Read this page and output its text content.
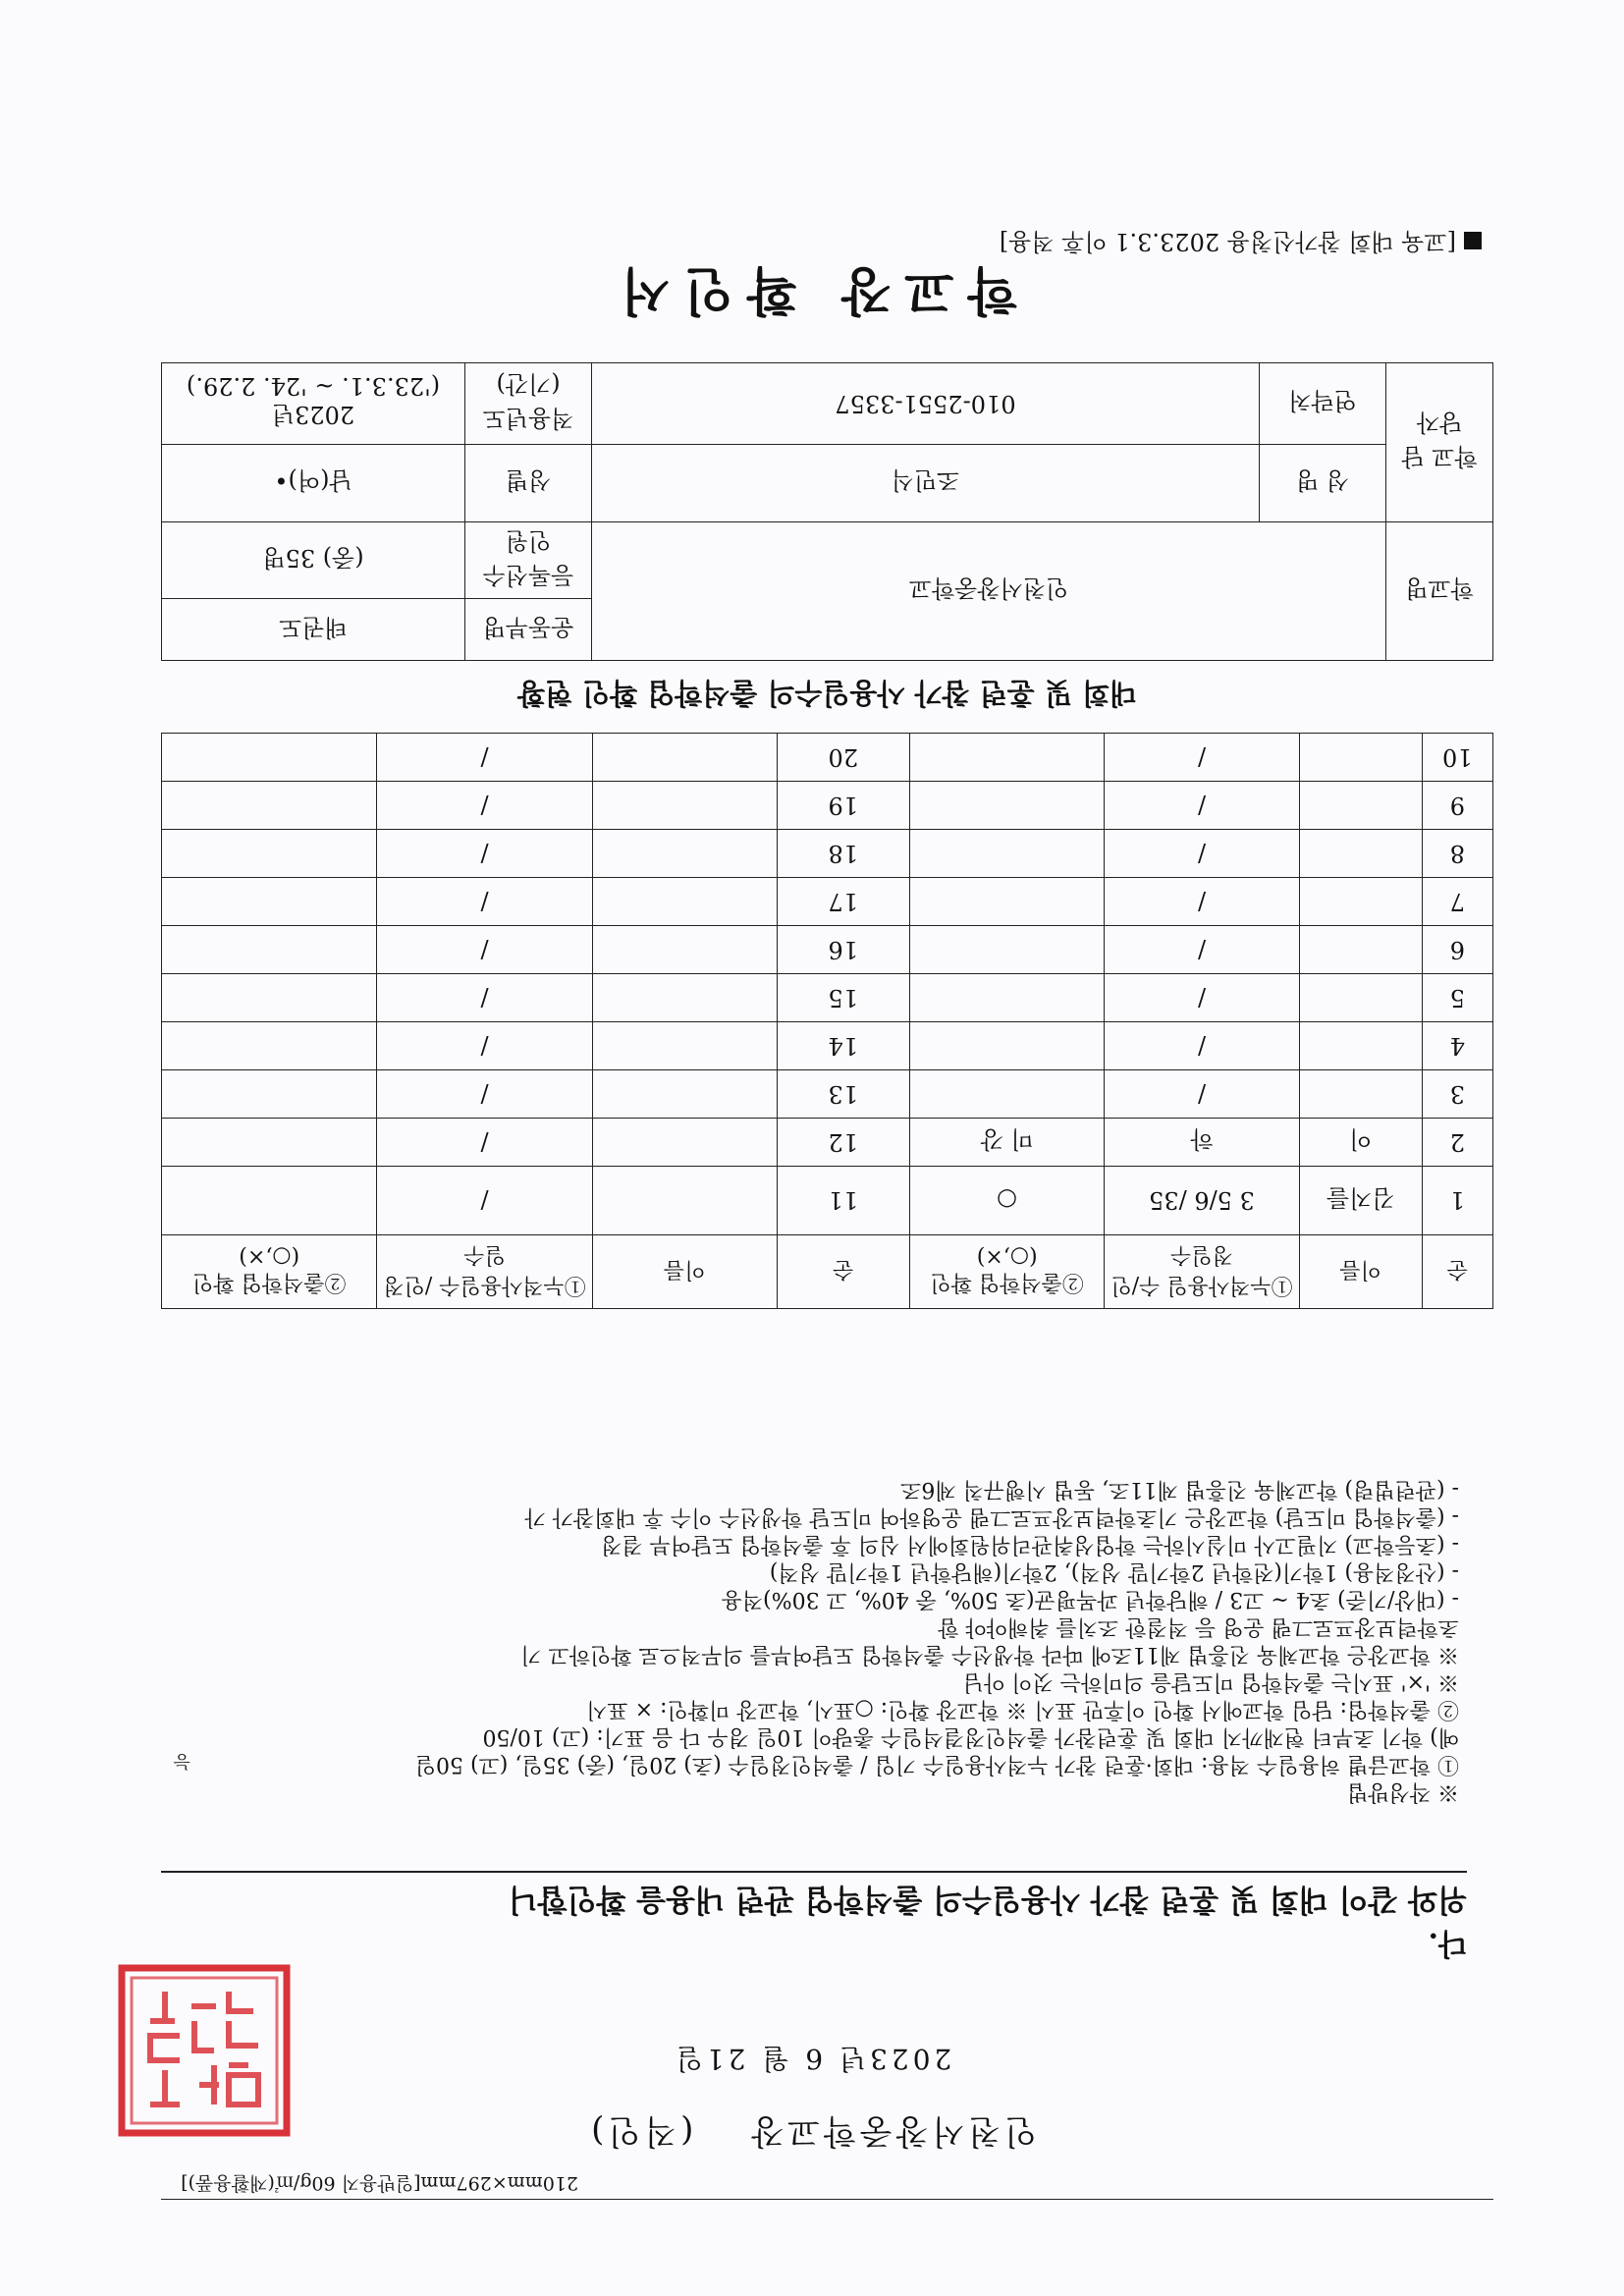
[교육 대회 참가신청용 2023.3.1 이후 적용]
학교장 확인서
학교명	인천서창중학교		운동부명	태권도
			등록선수 인원	(중) 35명
학교 담당자	성 명	조민식	성별	남(여)•
	연락처	010-2551-3357	적용년도 (기간)	2023년
('23.3.1. ~ '24. 2.29.)
대회 및 훈련 참가 사용일수의 출석학업 확인 현황
순	이름	①누적사용일 수/인정일수	②출석학업 확인(○,×)	순	이름	①누적사용일수 /인정일수	②출석학업 확인(○,×)
1	김지를	3 5/6 /35	○	11		/	
2	이	하	미 강	12		/	
3		/		13		/	
4		/		14		/	
5		/		15		/	
6		/		16		/	
7		/		17		/	
8		/		18		/	
9		/		19		/	
10		/		20		/	
※ 작성방법
① 학교급별 허용일수 적용: 대회·훈련 참가 누적사용일수 기입 / 출석인정일수 (초) 20일, (중) 35일, (고) 50일
예) 학기 초부터 현재까지 대회 및 훈련참가 출석인정결석일수 총량이 10일 경우 다 음 표기: (고) 10/50
② 출석학업: 담임 학교에서 확인 이후만 표시 ※ 학교장 확인: ○표시, 학교장 미확인: × 표시
※ '×' 표시는 출석학업 미도달을 의미하는 것이 아님
※ 학교장은 학교체육 진흥법 제11조에 따라 학생선수 출석학업 도달여부를 의무적으로 확인하고 기
초학력보장프로그램 운영 등 적절한 조치를 취해야야 함
- (대상/기준) 초4 ~ 고3 / 해당학년 과목평균(초 50%, 중 40%, 고 30%)적용
- (산정적용) 1학기(전학년 2학기말 성적), 2학기(해당학년 1학기말 성적)
- (초등학교) 지필고사 미실시하는 학업성취관리위원회에서 심의 후 출석학업 도달여부 결정
- (출석학업 미도달) 학교장은 기초학력보장프로그램 운영하여 미도달 학생선수 이수 후 대회참가 가
- (관련법령) 학교체육 진흥법 제11조, 동법 시행규칙 제6조
능
위와 같이 대회 및 훈련 참가 사용일수의 출석학업 관련 내용을 확인합니
다.
2023년 6 월 21일
인천서창중학교장 (직인)
210mm×297mm[일반용지 60g/㎡(재활용품)]
